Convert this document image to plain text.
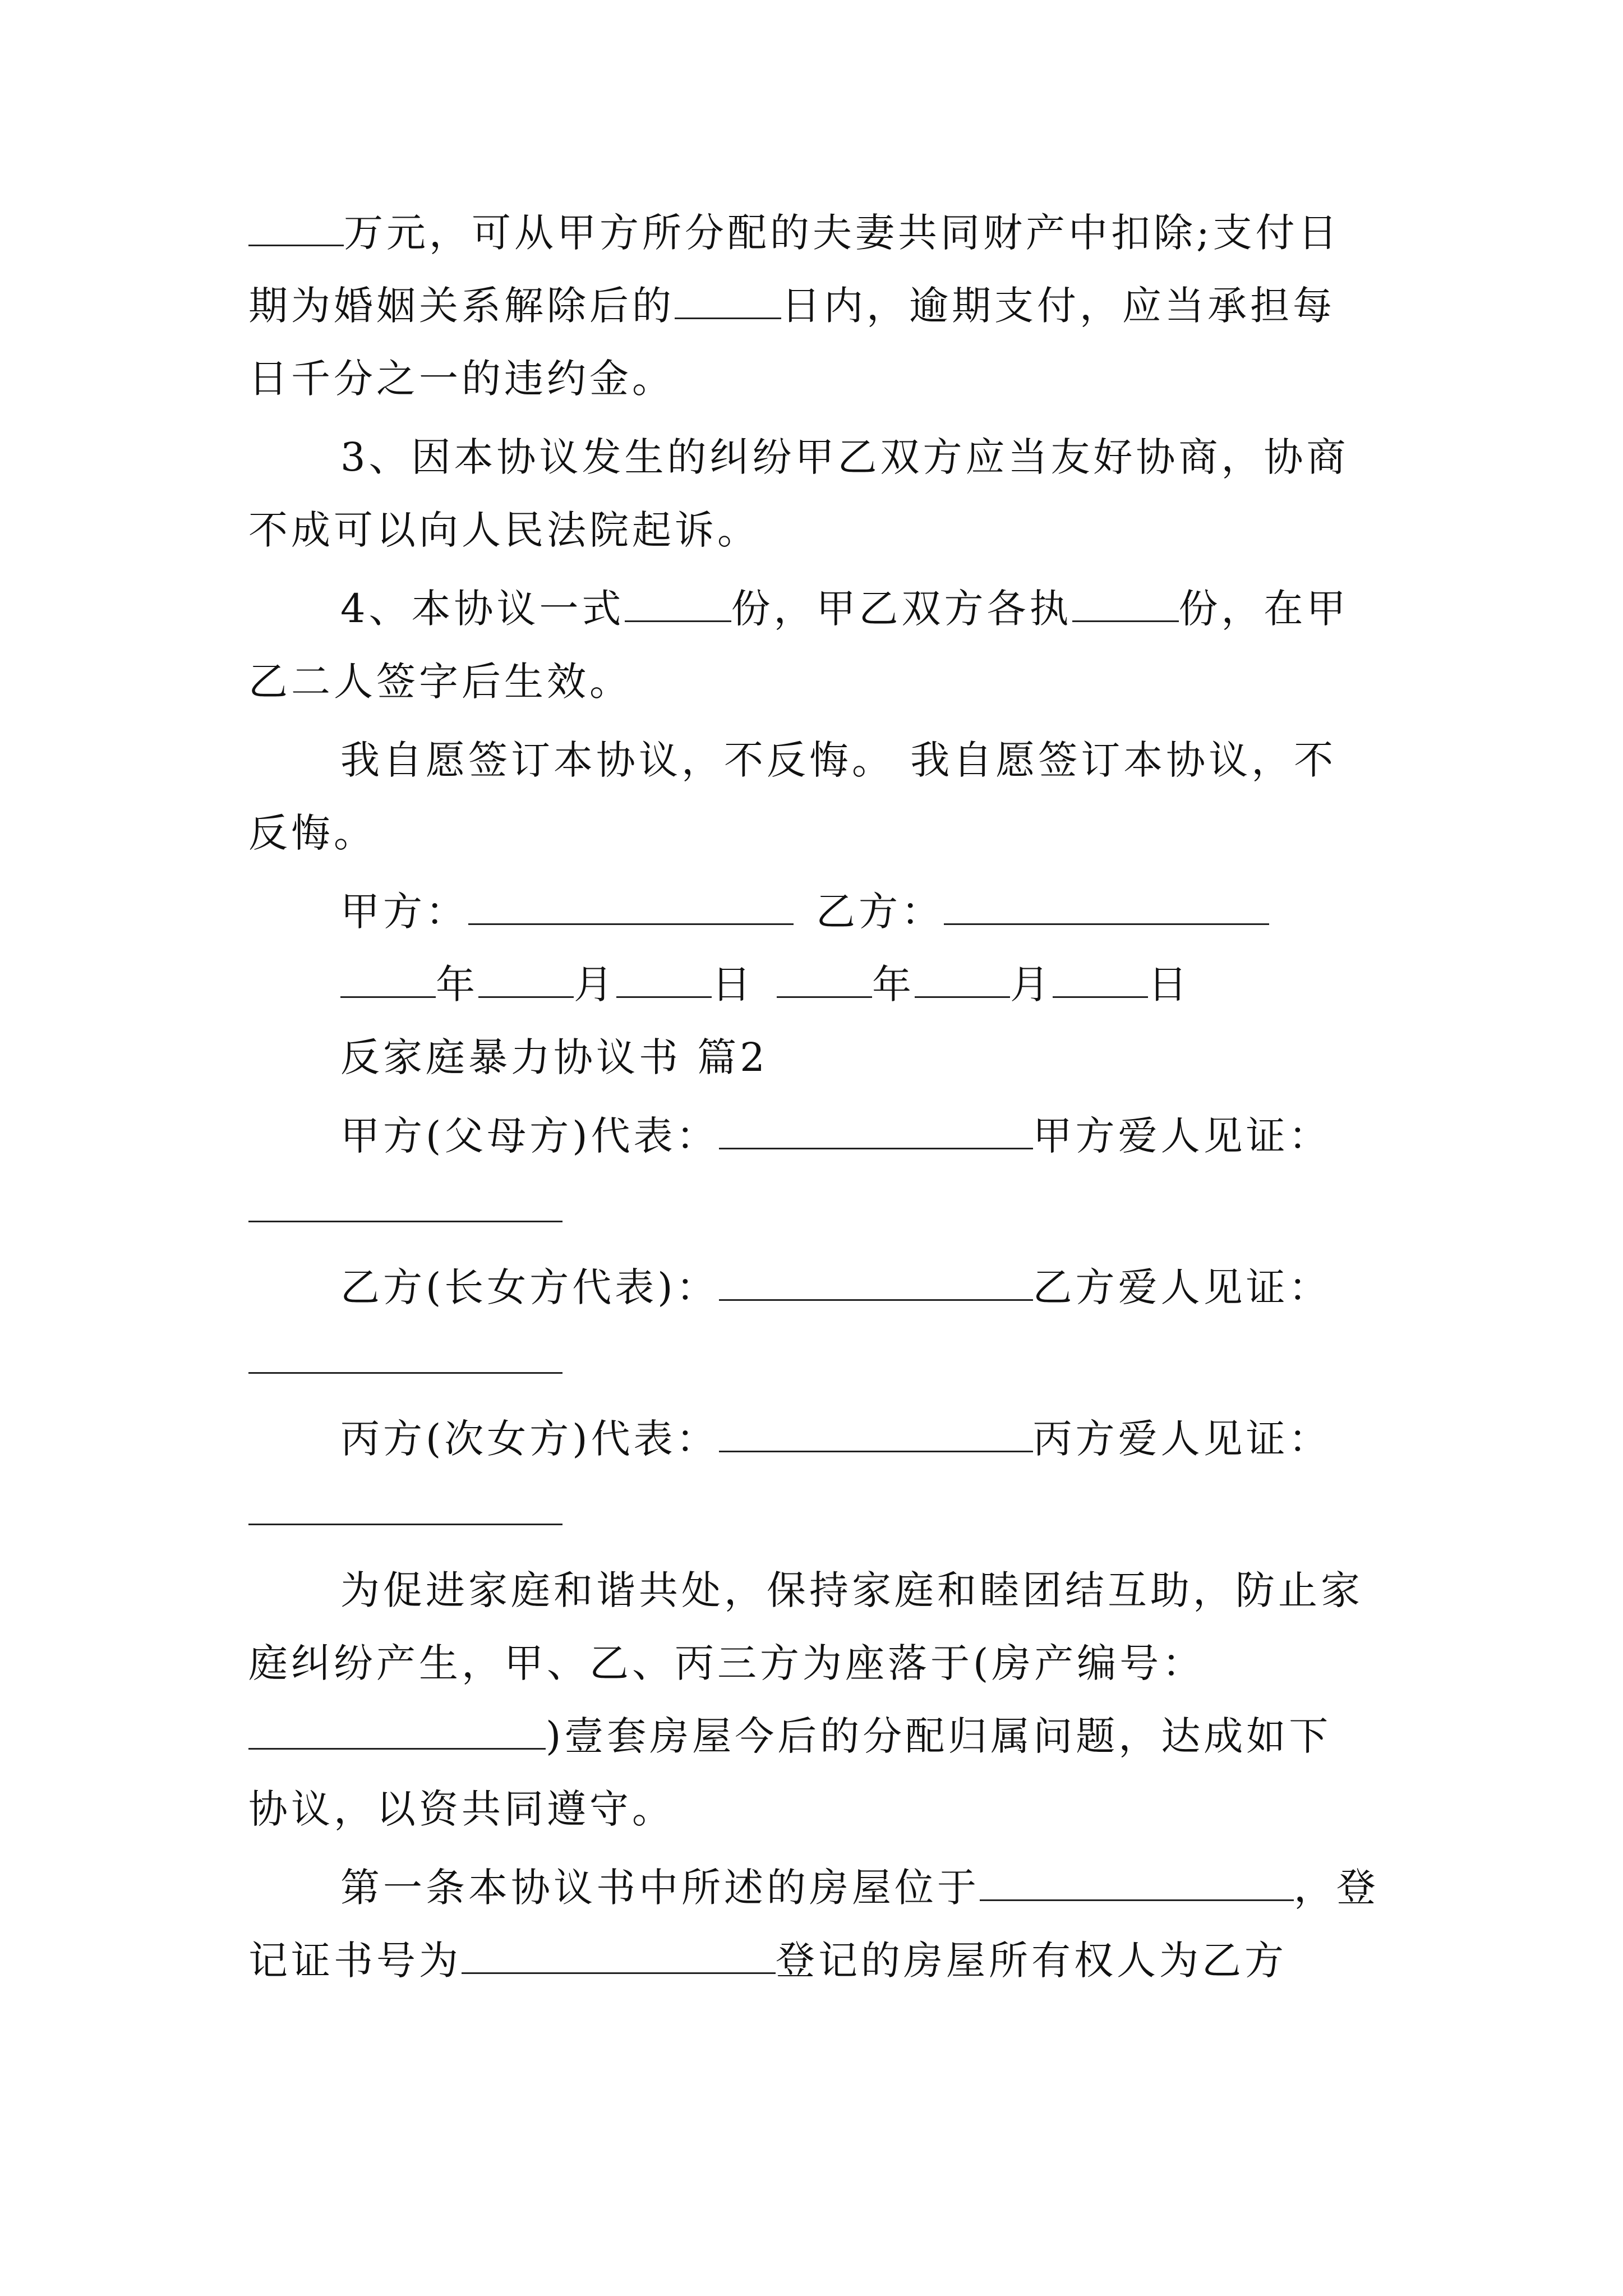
万元，可从甲方所分配的夫妻共同财产中扣除;支付日
期为婚姻关系解除后的	日内，逾期支付，应当承担每
日千分之一的违约金。
3、因本协议发生的纠纷甲乙双方应当友好协商，协商
不成可以向人民法院起诉。
4、本协议一式	份，甲乙双方各执	份，在甲
乙二人签字后生效。
我自愿签订本协议，不反悔。 我自愿签订本协议，不
反悔。
甲方：	乙方：
年 月 日	年 月 日
反家庭暴力协议书 篇2
甲方(父母方)代表：	甲方爱人见证：
乙方(长女方代表)：	乙方爱人见证：
丙方(次女方)代表：	丙方爱人见证：
为促进家庭和谐共处，保持家庭和睦团结互助，防止家
庭纠纷产生，甲、乙、丙三方为座落于(房产编号：
)壹套房屋今后的分配归属问题，达成如下
协议，以资共同遵守。
第一条本协议书中所述的房屋位于	，登
记证书号为	登记的房屋所有权人为乙方
